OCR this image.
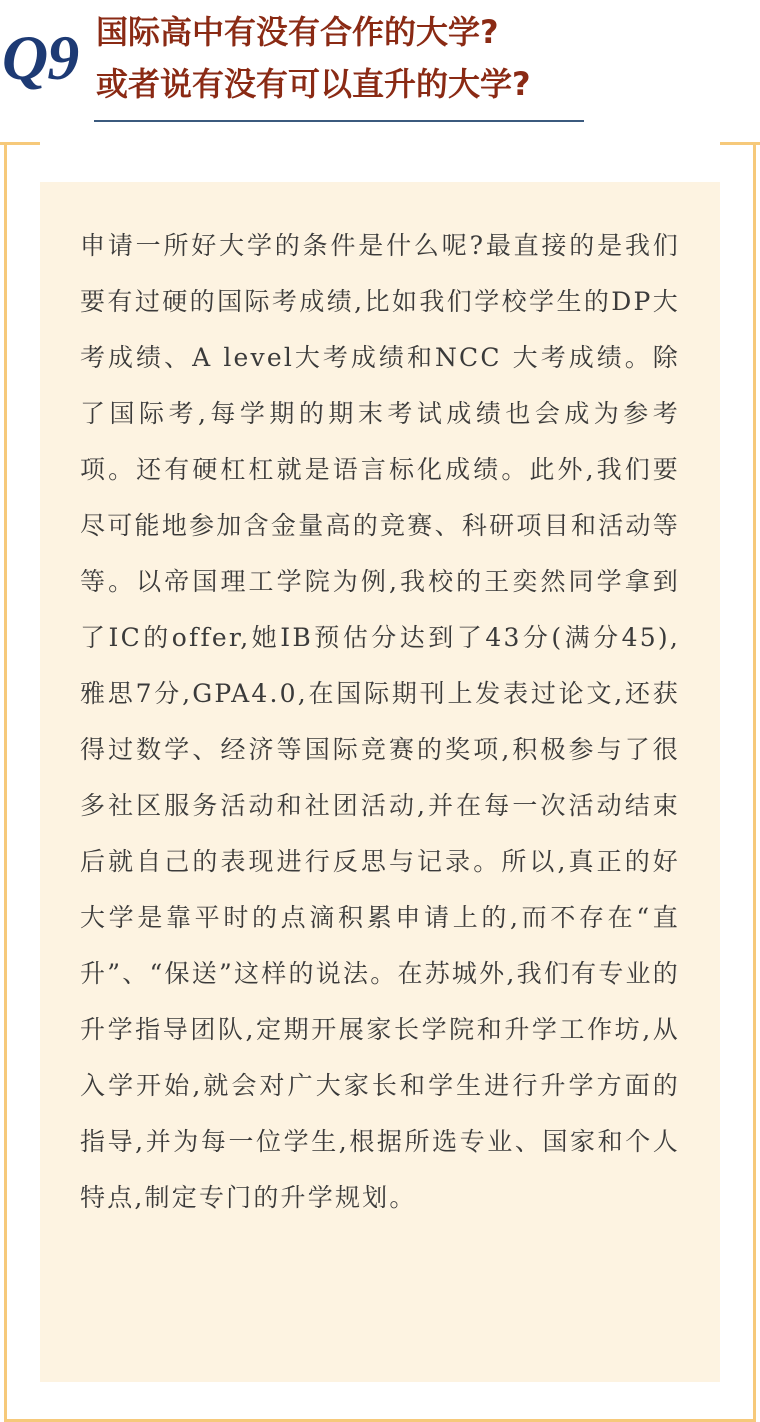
Q9 国际高中有没有合作的大学?
或者说有没有可以直升的大学?
申请一所好大学的条件是什么呢?最直接的是我们要有过硬的国际考成绩,比如我们学校学生的DP大考成绩、A level大考成绩和NCC 大考成绩。除了国际考,每学期的期末考试成绩也会成为参考项。还有硬杠杠就是语言标化成绩。此外,我们要尽可能地参加含金量高的竞赛、科研项目和活动等等。以帝国理工学院为例,我校的王奕然同学拿到了IC的offer,她IB预估分达到了43分(满分45),雅思7分,GPA4.0,在国际期刊上发表过论文,还获得过数学、经济等国际竞赛的奖项,积极参与了很多社区服务活动和社团活动,并在每一次活动结束后就自己的表现进行反思与记录。所以,真正的好大学是靠平时的点滴积累申请上的,而不存在“直升”、“保送”这样的说法。在苏城外,我们有专业的升学指导团队,定期开展家长学院和升学工作坊,从入学开始,就会对广大家长和学生进行升学方面的指导,并为每一位学生,根据所选专业、国家和个人特点,制定专门的升学规划。
